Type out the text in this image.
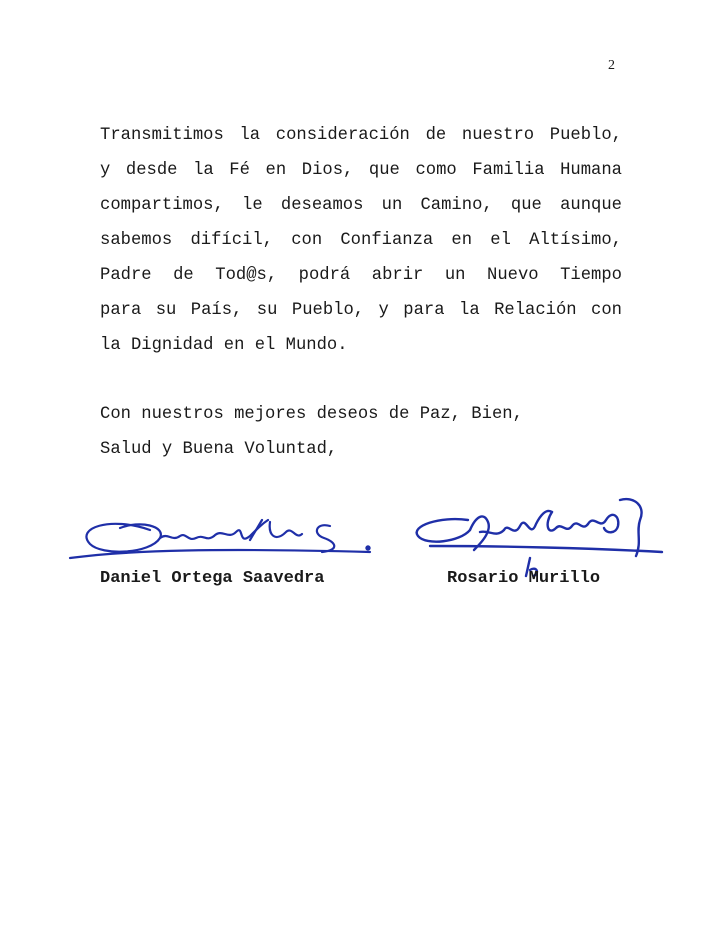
2
Transmitimos la consideración de nuestro Pueblo,
y desde la Fé en Dios, que como Familia Humana
compartimos, le deseamos un Camino, que aunque
sabemos difícil, con Confianza en el Altísimo,
Padre de Tod@s, podrá abrir un Nuevo Tiempo
para su País, su Pueblo, y para la Relación con
la Dignidad en el Mundo.
Con nuestros mejores deseos de Paz, Bien,
Salud y Buena Voluntad,
Daniel Ortega Saavedra	Rosario Murillo
